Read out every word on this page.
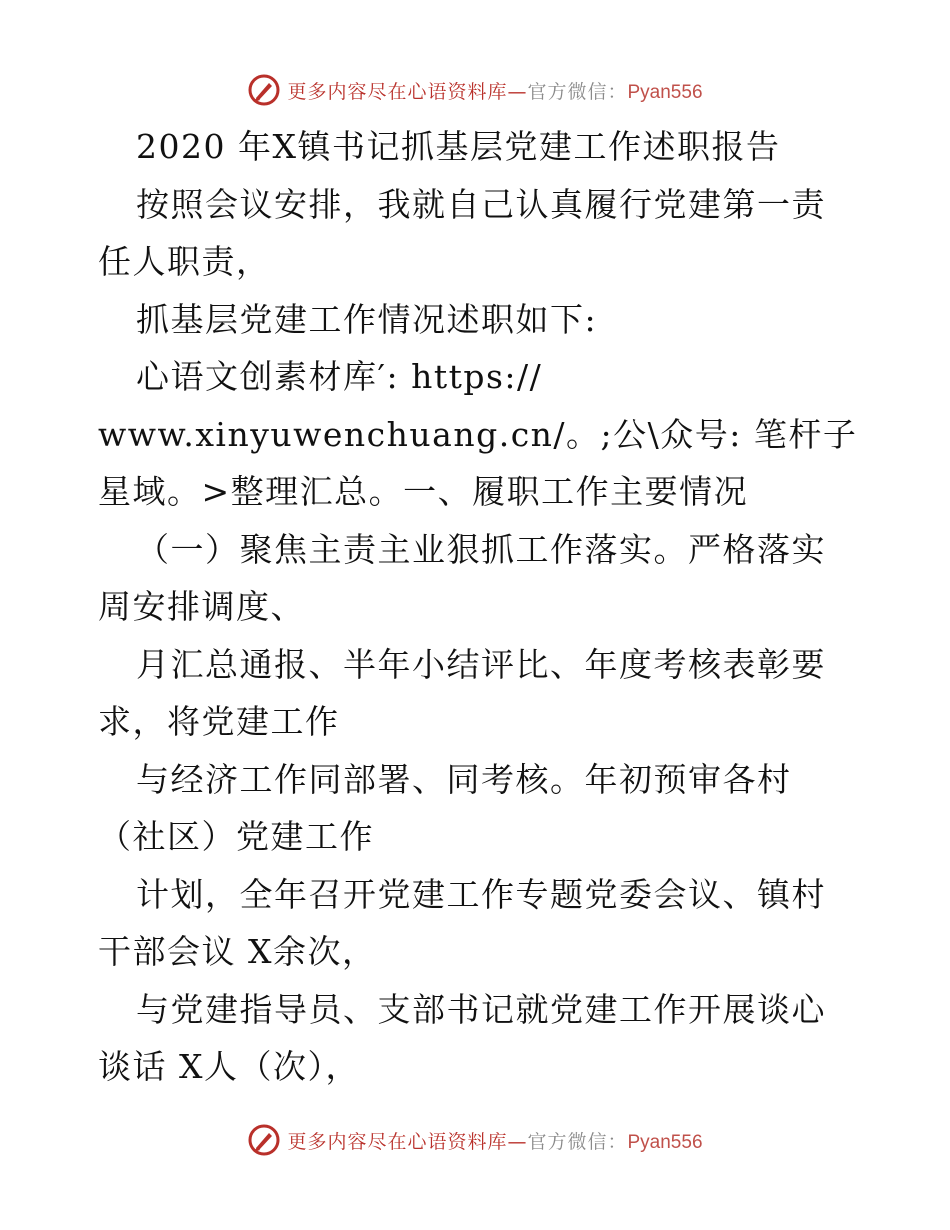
更多内容尽在心语资料库—官方微信：Pyan556

2020 年X镇书记抓基层党建工作述职报告

按照会议安排，我就自己认真履行党建第一责任人职责，

抓基层党建工作情况述职如下:

心语文创素材库′: https://
www.xinyuwenchuang.cn/。;公\众号: 笔杆子星域。>整理汇总。一、履职工作主要情况

（一）聚焦主责主业狠抓工作落实。严格落实周安排调度、

月汇总通报、半年小结评比、年度考核表彰要求，将党建工作

与经济工作同部署、同考核。年初预审各村（社区）党建工作

计划，全年召开党建工作专题党委会议、镇村干部会议 X余次，

与党建指导员、支部书记就党建工作开展谈心谈话 X人（次），

更多内容尽在心语资料库—官方微信：Pyan556
